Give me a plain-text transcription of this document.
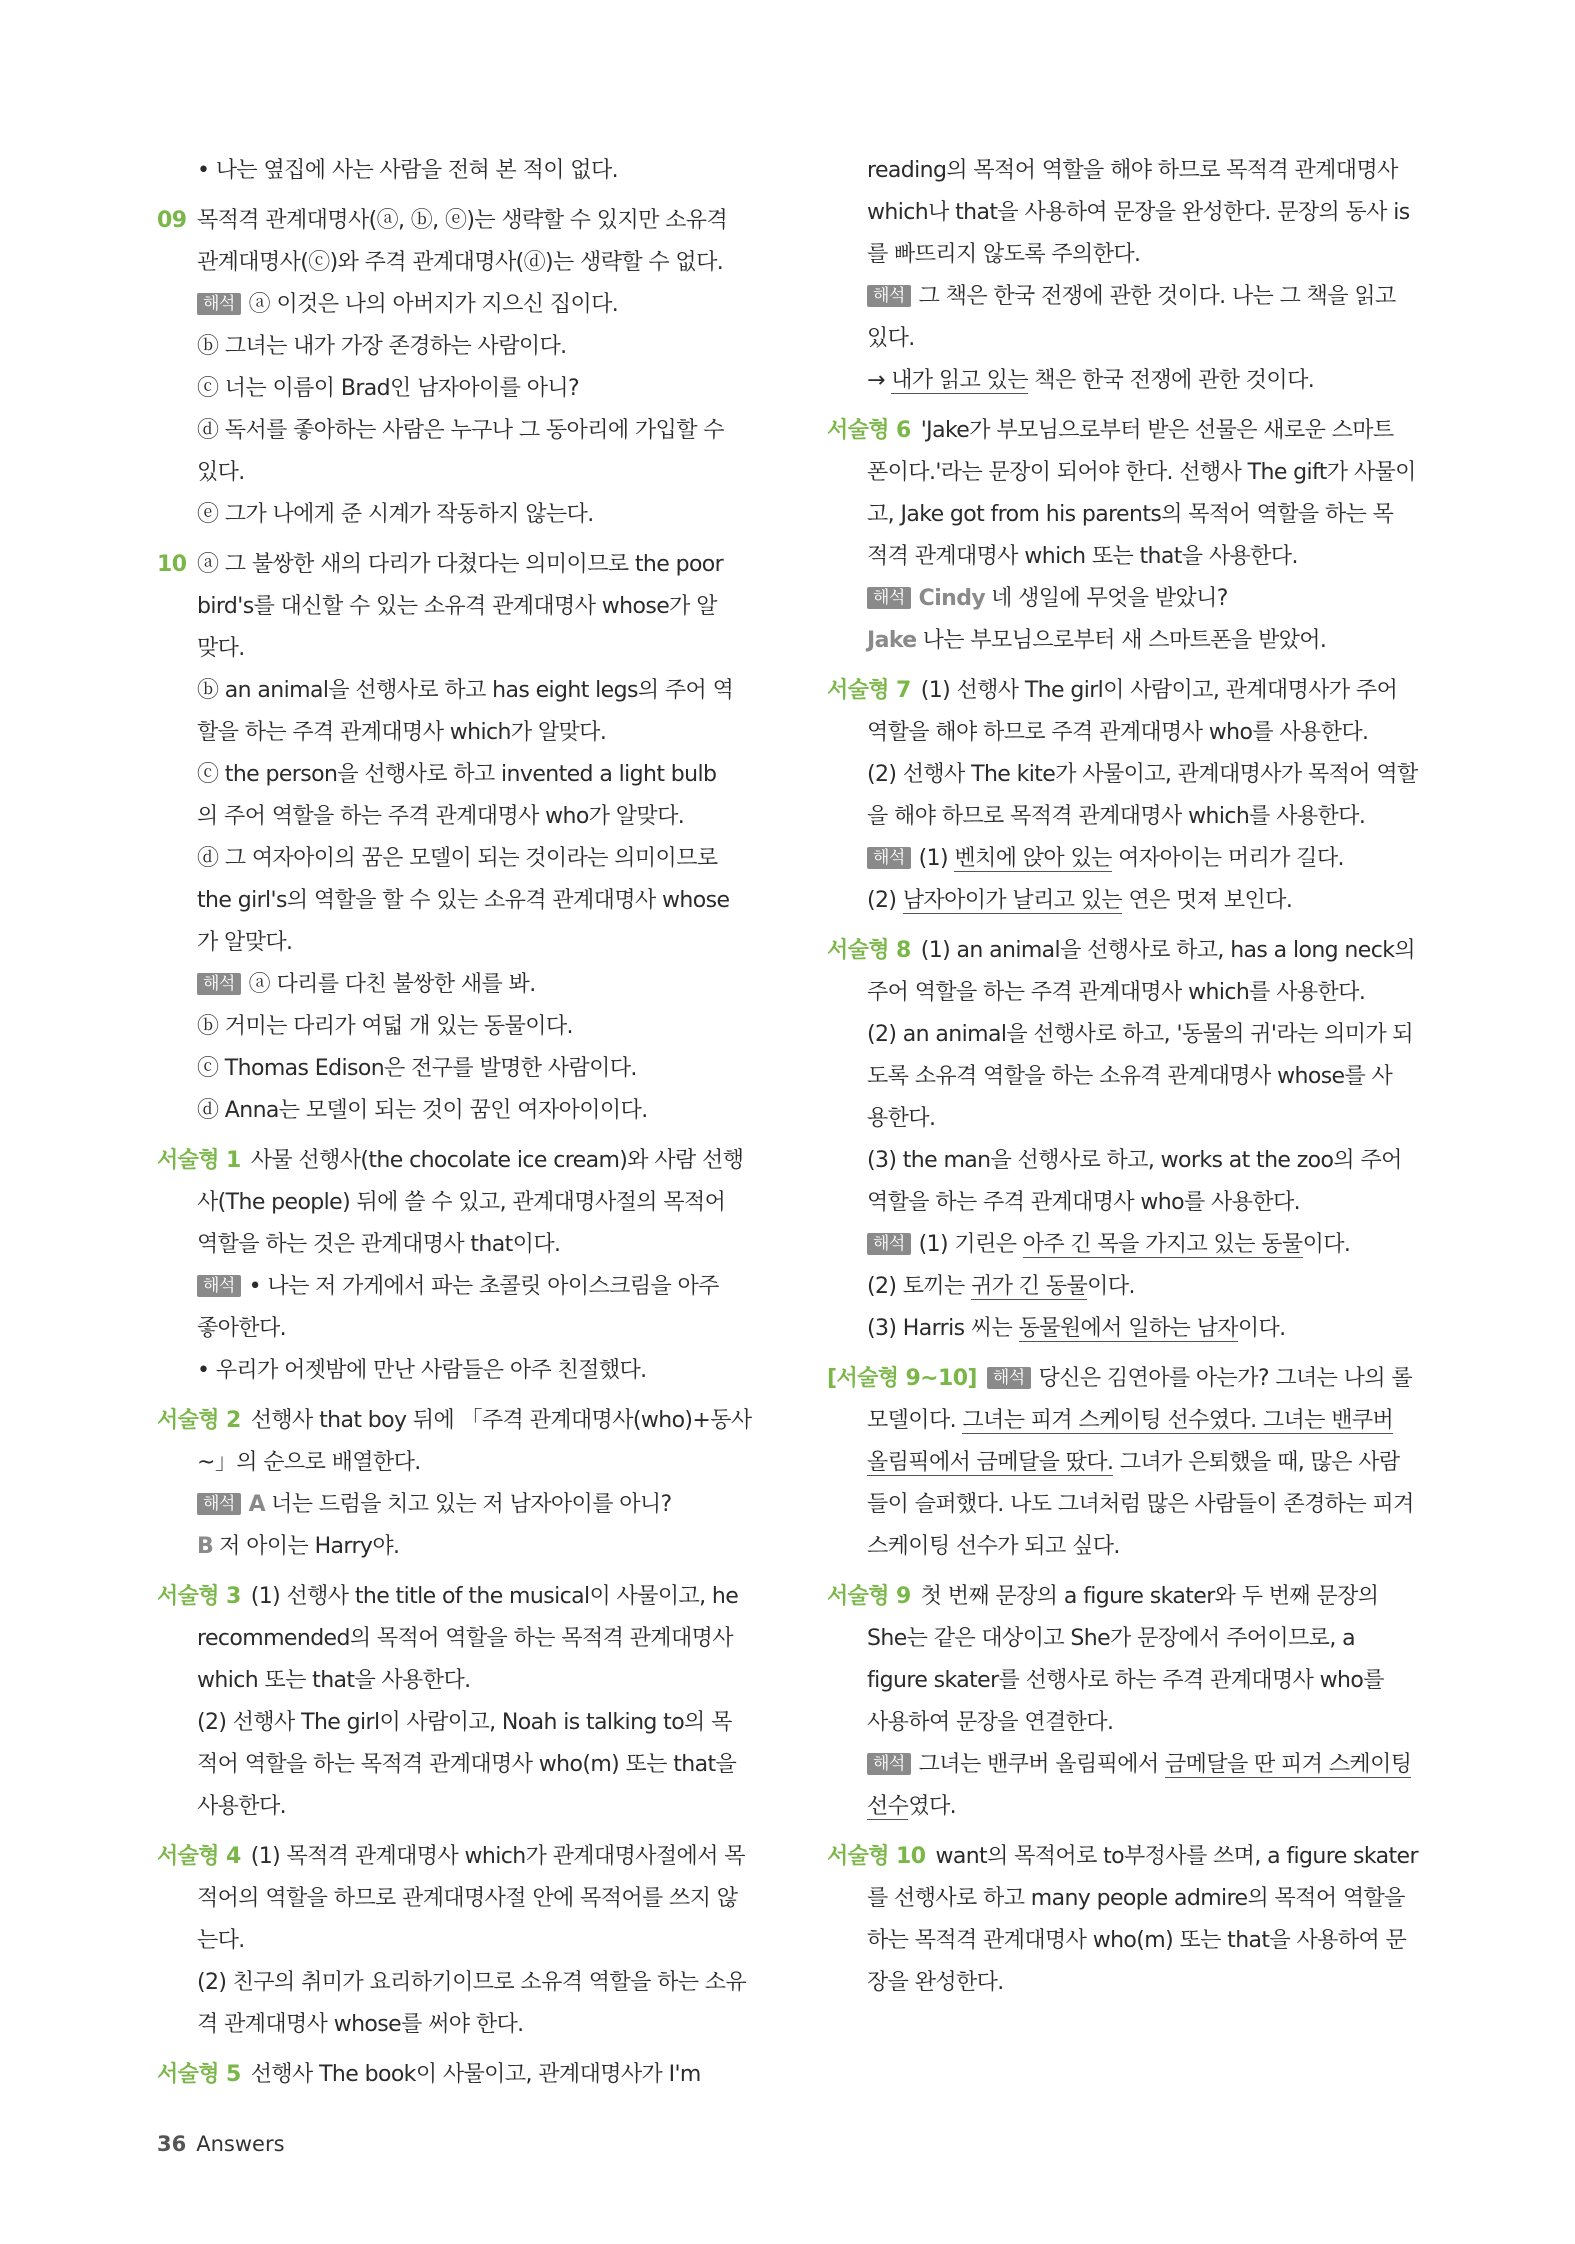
• 나는 옆집에 사는 사람을 전혀 본 적이 없다.
09 목적격 관계대명사(ⓐ, ⓑ, ⓔ)는 생략할 수 있지만 소유격
관계대명사(ⓒ)와 주격 관계대명사(ⓓ)는 생략할 수 없다.
해석 ⓐ 이것은 나의 아버지가 지으신 집이다.
ⓑ 그녀는 내가 가장 존경하는 사람이다.
ⓒ 너는 이름이 Brad인 남자아이를 아니?
ⓓ 독서를 좋아하는 사람은 누구나 그 동아리에 가입할 수
있다.
ⓔ 그가 나에게 준 시계가 작동하지 않는다.
10 ⓐ 그 불쌍한 새의 다리가 다쳤다는 의미이므로 the poor
bird's를 대신할 수 있는 소유격 관계대명사 whose가 알
맞다.
ⓑ an animal을 선행사로 하고 has eight legs의 주어 역
할을 하는 주격 관계대명사 which가 알맞다.
ⓒ the person을 선행사로 하고 invented a light bulb
의 주어 역할을 하는 주격 관계대명사 who가 알맞다.
ⓓ 그 여자아이의 꿈은 모델이 되는 것이라는 의미이므로
the girl's의 역할을 할 수 있는 소유격 관계대명사 whose
가 알맞다.
해석 ⓐ 다리를 다친 불쌍한 새를 봐.
ⓑ 거미는 다리가 여덟 개 있는 동물이다.
ⓒ Thomas Edison은 전구를 발명한 사람이다.
ⓓ Anna는 모델이 되는 것이 꿈인 여자아이이다.
서술형 1 사물 선행사(the chocolate ice cream)와 사람 선행
사(The people) 뒤에 쓸 수 있고, 관계대명사절의 목적어
역할을 하는 것은 관계대명사 that이다.
해석 • 나는 저 가게에서 파는 초콜릿 아이스크림을 아주
좋아한다.
• 우리가 어젯밤에 만난 사람들은 아주 친절했다.
서술형 2 선행사 that boy 뒤에 「주격 관계대명사(who)+동사
~」의 순으로 배열한다.
해석 A 너는 드럼을 치고 있는 저 남자아이를 아니?
B 저 아이는 Harry야.
서술형 3 (1) 선행사 the title of the musical이 사물이고, he
recommended의 목적어 역할을 하는 목적격 관계대명사
which 또는 that을 사용한다.
(2) 선행사 The girl이 사람이고, Noah is talking to의 목
적어 역할을 하는 목적격 관계대명사 who(m) 또는 that을
사용한다.
서술형 4 (1) 목적격 관계대명사 which가 관계대명사절에서 목
적어의 역할을 하므로 관계대명사절 안에 목적어를 쓰지 않
는다.
(2) 친구의 취미가 요리하기이므로 소유격 역할을 하는 소유
격 관계대명사 whose를 써야 한다.
서술형 5 선행사 The book이 사물이고, 관계대명사가 I'm
reading의 목적어 역할을 해야 하므로 목적격 관계대명사
which나 that을 사용하여 문장을 완성한다. 문장의 동사 is
를 빠뜨리지 않도록 주의한다.
해석 그 책은 한국 전쟁에 관한 것이다. 나는 그 책을 읽고
있다.
→ 내가 읽고 있는 책은 한국 전쟁에 관한 것이다.
서술형 6 'Jake가 부모님으로부터 받은 선물은 새로운 스마트
폰이다.'라는 문장이 되어야 한다. 선행사 The gift가 사물이
고, Jake got from his parents의 목적어 역할을 하는 목
적격 관계대명사 which 또는 that을 사용한다.
해석 Cindy 네 생일에 무엇을 받았니?
Jake 나는 부모님으로부터 새 스마트폰을 받았어.
서술형 7 (1) 선행사 The girl이 사람이고, 관계대명사가 주어
역할을 해야 하므로 주격 관계대명사 who를 사용한다.
(2) 선행사 The kite가 사물이고, 관계대명사가 목적어 역할
을 해야 하므로 목적격 관계대명사 which를 사용한다.
해석 (1) 벤치에 앉아 있는 여자아이는 머리가 길다.
(2) 남자아이가 날리고 있는 연은 멋져 보인다.
서술형 8 (1) an animal을 선행사로 하고, has a long neck의
주어 역할을 하는 주격 관계대명사 which를 사용한다.
(2) an animal을 선행사로 하고, '동물의 귀'라는 의미가 되
도록 소유격 역할을 하는 소유격 관계대명사 whose를 사
용한다.
(3) the man을 선행사로 하고, works at the zoo의 주어
역할을 하는 주격 관계대명사 who를 사용한다.
해석 (1) 기린은 아주 긴 목을 가지고 있는 동물이다.
(2) 토끼는 귀가 긴 동물이다.
(3) Harris 씨는 동물원에서 일하는 남자이다.
[서술형 9~10] 해석 당신은 김연아를 아는가? 그녀는 나의 롤
모델이다. 그녀는 피겨 스케이팅 선수였다. 그녀는 밴쿠버
올림픽에서 금메달을 땄다. 그녀가 은퇴했을 때, 많은 사람
들이 슬퍼했다. 나도 그녀처럼 많은 사람들이 존경하는 피겨
스케이팅 선수가 되고 싶다.
서술형 9 첫 번째 문장의 a figure skater와 두 번째 문장의
She는 같은 대상이고 She가 문장에서 주어이므로, a
figure skater를 선행사로 하는 주격 관계대명사 who를
사용하여 문장을 연결한다.
해석 그녀는 밴쿠버 올림픽에서 금메달을 딴 피겨 스케이팅
선수였다.
서술형 10 want의 목적어로 to부정사를 쓰며, a figure skater
를 선행사로 하고 many people admire의 목적어 역할을
하는 목적격 관계대명사 who(m) 또는 that을 사용하여 문
장을 완성한다.
36 Answers
